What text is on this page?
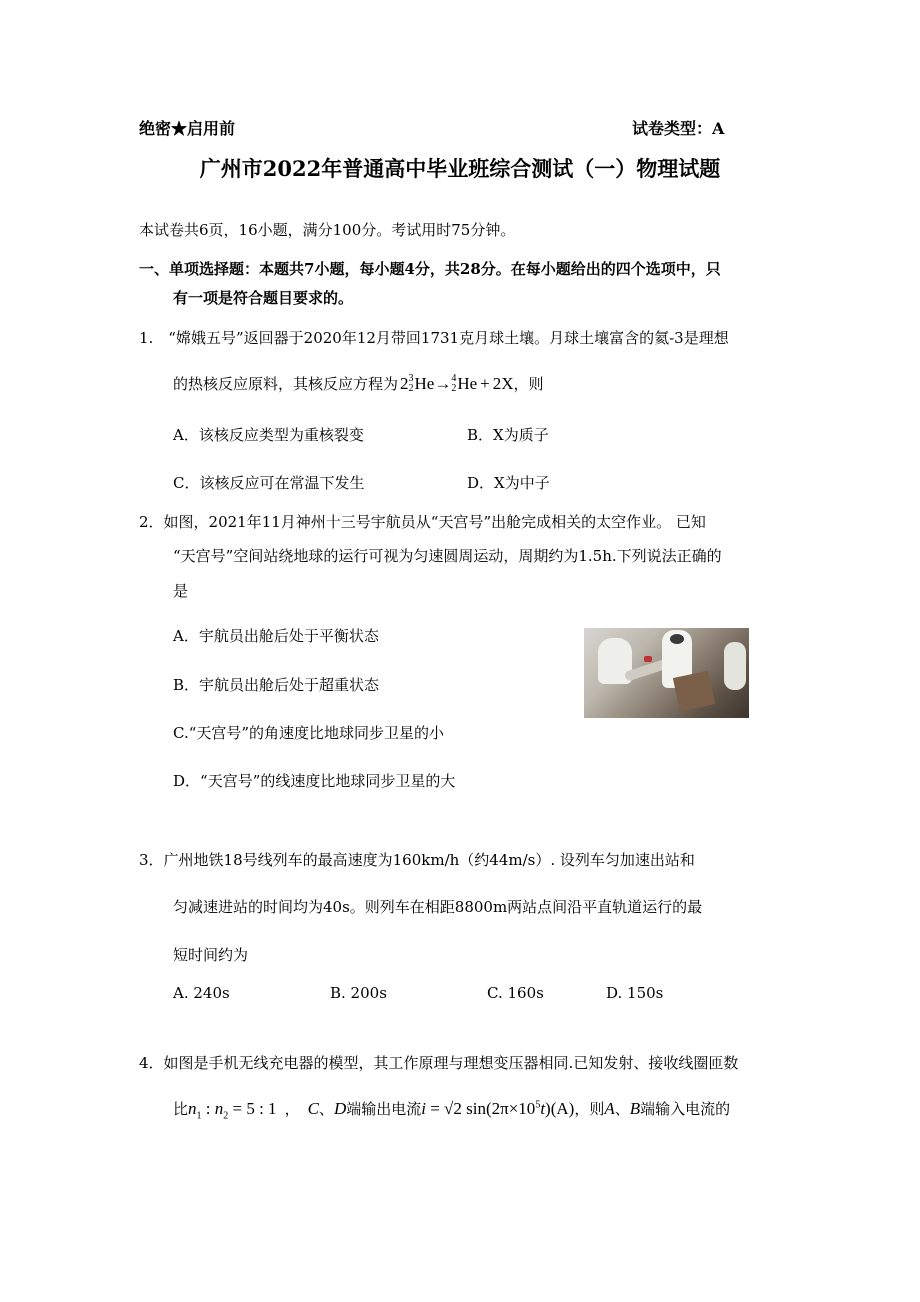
绝密★启用前	试卷类型：A
广州市2022年普通高中毕业班综合测试（一）物理试题
本试卷共6页，16小题，满分100分。考试用时75分钟。
一、单项选择题：本题共7小题，每小题4分，共28分。在每小题给出的四个选项中，只
有一项是符合题目要求的。
1.　“嫦娥五号”返回器于2020年12月带回1731克月球土壤。月球土壤富含的氦-3是理想
的热核反应原料，其核反应方程为 2 3
2 He → 4
2 He + 2X ，则
A．该核反应类型为重核裂变	B．X为质子
C．该核反应可在常温下发生	D．X为中子
2．如图，2021年11月神州十三号宇航员从“天宫号”出舱完成相关的太空作业。 已知
“天宫号”空间站绕地球的运行可视为匀速圆周运动，周期约为1.5h.下列说法正确的
是
A．宇航员出舱后处于平衡状态
B．宇航员出舱后处于超重状态
C.“天宫号”的角速度比地球同步卫星的小
D．“天宫号”的线速度比地球同步卫星的大
3．广州地铁18号线列车的最高速度为160km/h（约44m/s）. 设列车匀加速出站和
匀减速进站的时间均为40s。则列车在相距8800m两站点间沿平直轨道运行的最
短时间约为
A. 240s	B. 200s	C. 160s	D. 150s
4．如图是手机无线充电器的模型，其工作原理与理想变压器相同.已知发射、接收线圈匝数
比 $n_1$ : $n_2 = 5$ : 1 ， C 、 D 端输出电流 i = √2 $\sin(2\pi\times 10^5t)(A)$ ，则 A 、 B 端输入电流的
